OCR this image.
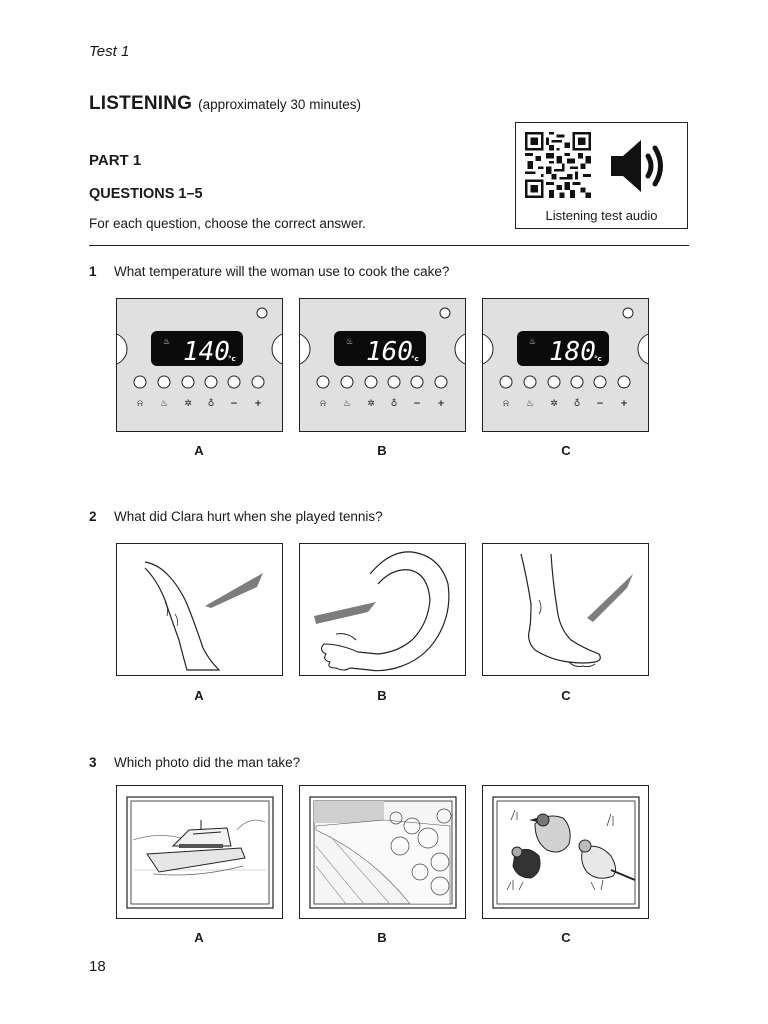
Test 1
LISTENING (approximately 30 minutes)
PART 1
QUESTIONS 1–5
For each question, choose the correct answer.
Listening test audio
1 What temperature will the woman use to cook the cake?
♨ 140
°c
⍾ ♨ ✲ ♁ − +
A
♨ 160
°c
⍾ ♨ ✲ ♁ − +
B
♨ 180
°c
⍾ ♨ ✲ ♁ − +
C
2 What did Clara hurt when she played tennis?
A	B	C
3 Which photo did the man take?
A	B	C
18
